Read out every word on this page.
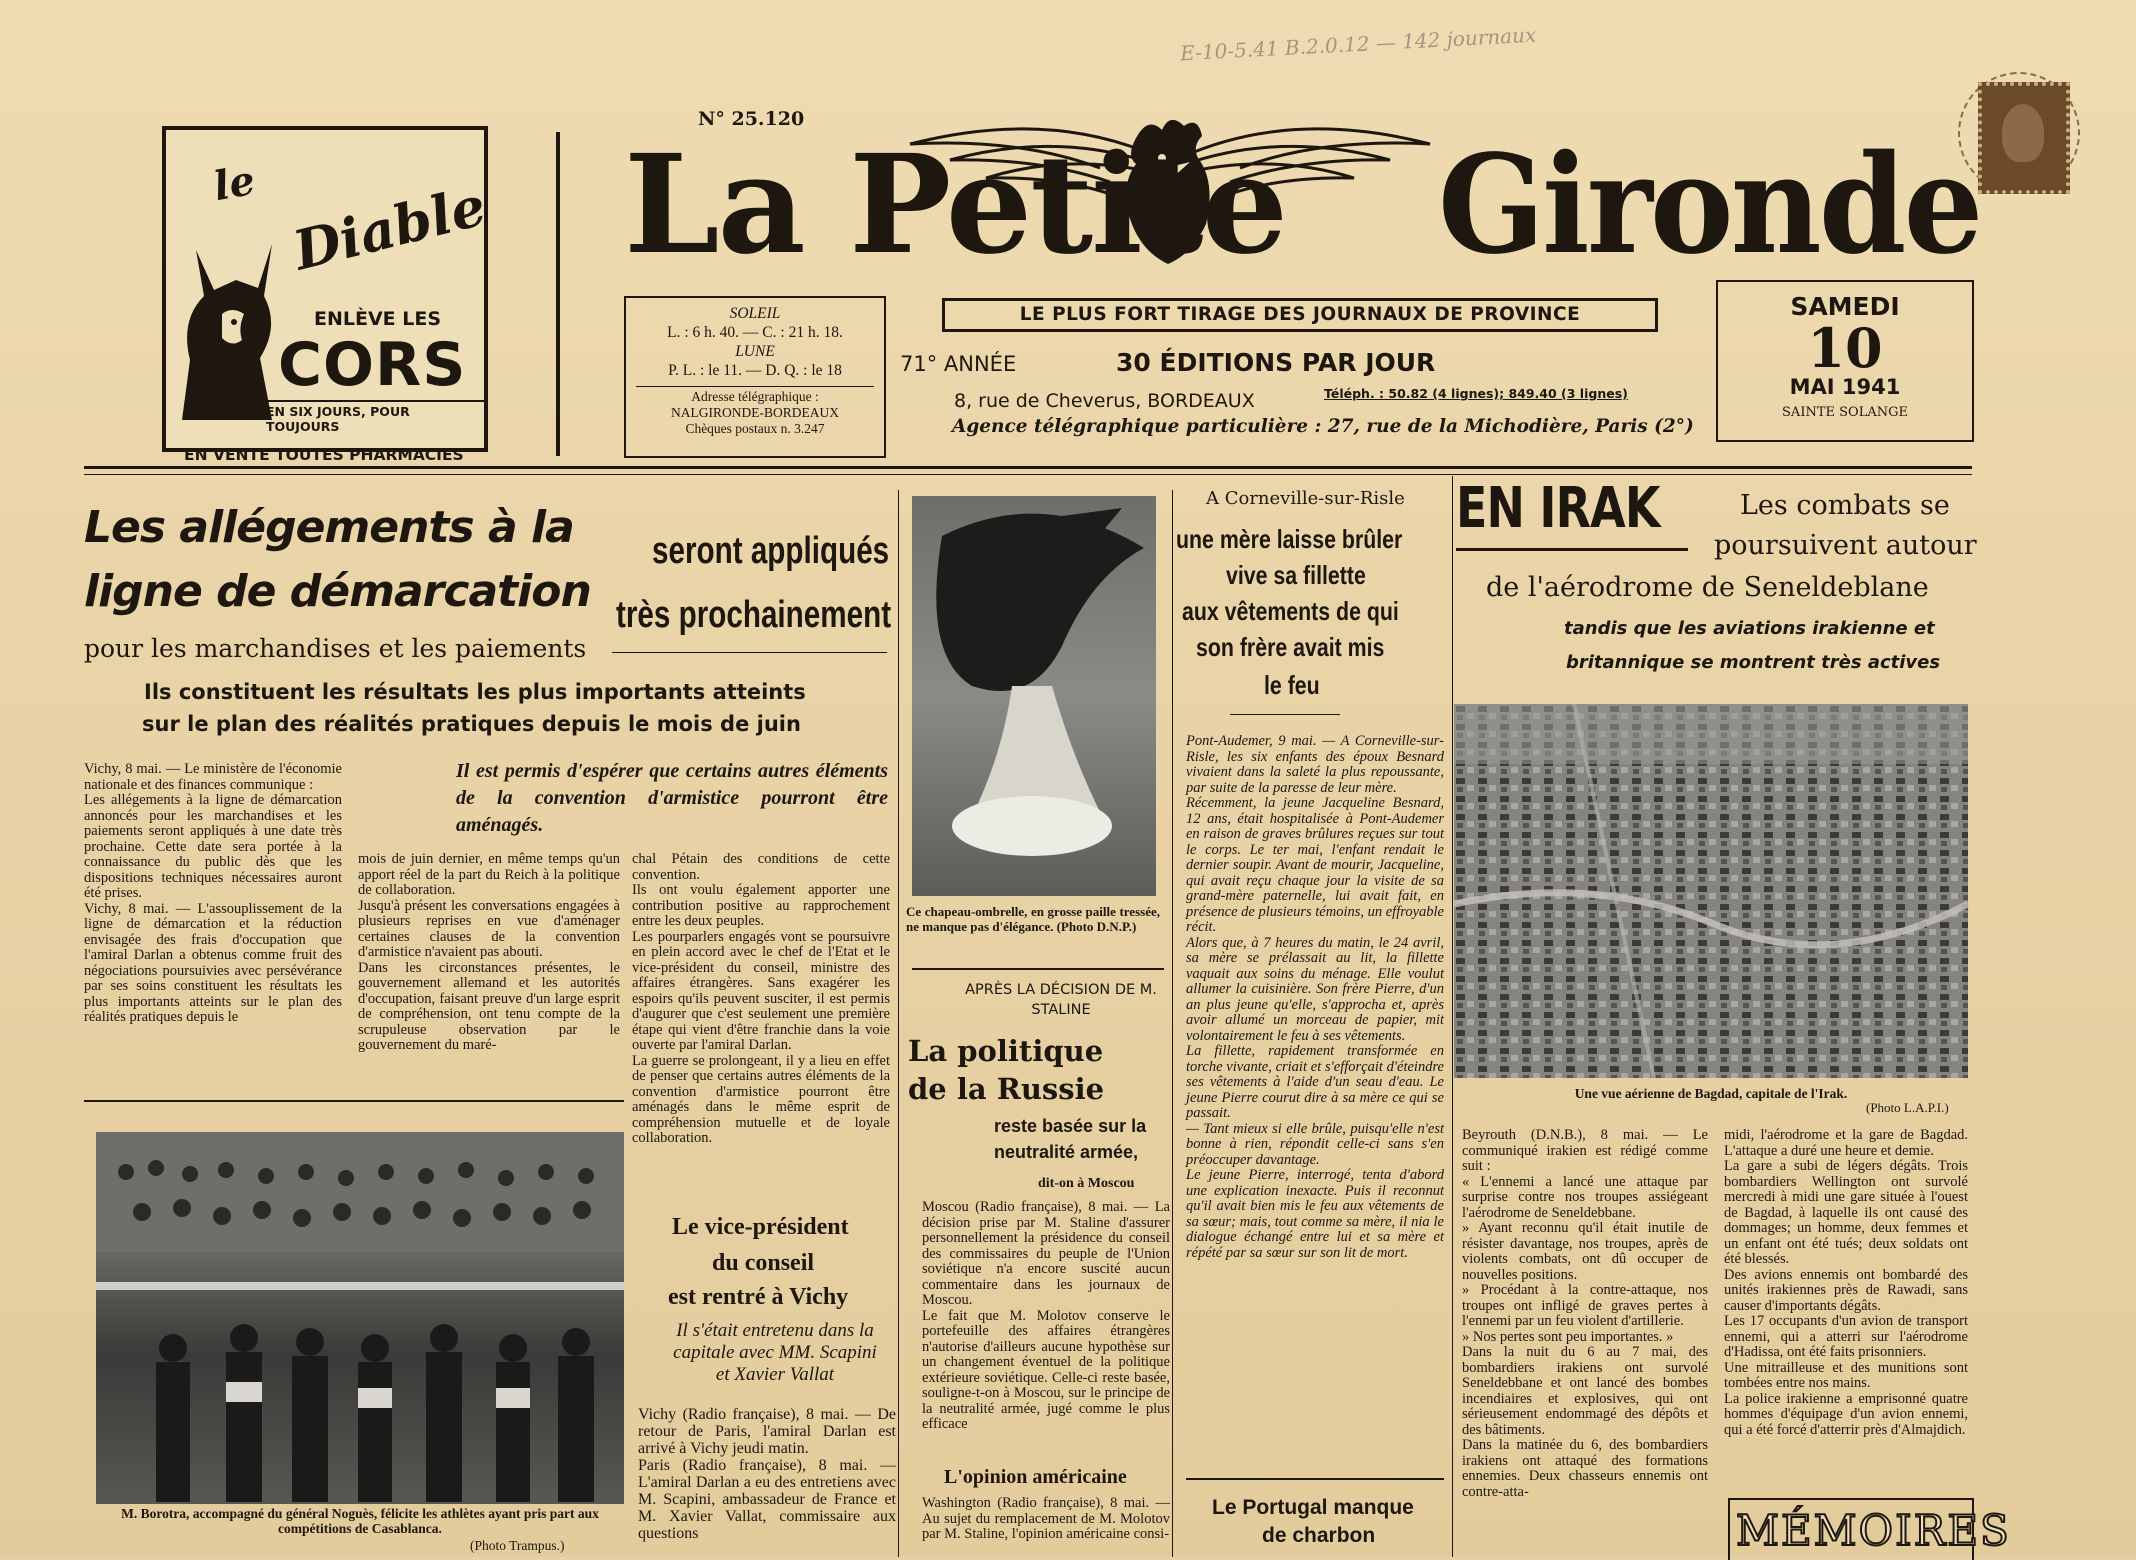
E-10-5.41 B.2.0.12 — 142 journaux
le Diable
ENLÈVE LES
CORS
EN SIX JOURS, POUR TOUJOURS
EN VENTE TOUTES PHARMACIES
N° 25.120
La Petite Gironde
SOLEIL
L. : 6 h. 40. — C. : 21 h. 18.
LUNE
P. L. : le 11. — D. Q. : le 18
Adresse télégraphique :
NALGIRONDE-BORDEAUX
Chèques postaux n. 3.247
LE PLUS FORT TIRAGE DES JOURNAUX DE PROVINCE
71° ANNÉE	30 ÉDITIONS PAR JOUR
8, rue de Cheverus, BORDEAUX	Téléph. : 50.82 (4 lignes); 849.40 (3 lignes)
Agence télégraphique particulière : 27, rue de la Michodière, Paris (2°)
SAMEDI
10
MAI 1941
SAINTE SOLANGE
Les allégements à la
ligne de démarcation
seront appliqués
très prochainement
pour les marchandises et les paiements
Ils constituent les résultats les plus importants atteints
sur le plan des réalités pratiques depuis le mois de juin
Vichy, 8 mai. — Le ministère de l'économie nationale et des finances communique :
Les allégements à la ligne de démarcation annoncés pour les marchandises et les paiements seront appliqués à une date très prochaine. Cette date sera portée à la connaissance du public dès que les dispositions techniques nécessaires auront été prises.
Vichy, 8 mai. — L'assouplissement de la ligne de démarcation et la réduction envisagée des frais d'occupation que l'amiral Darlan a obtenus comme fruit des négociations poursuivies avec persévérance par ses soins constituent les résultats les plus importants atteints sur le plan des réalités pratiques depuis le
Il est permis d'espérer que certains autres éléments de la convention d'armistice pourront être aménagés.
mois de juin dernier, en même temps qu'un apport réel de la part du Reich à la politique de collaboration.
Jusqu'à présent les conversations engagées à plusieurs reprises en vue d'aménager certaines clauses de la convention d'armistice n'avaient pas abouti.
Dans les circonstances présentes, le gouvernement allemand et les autorités d'occupation, faisant preuve d'un large esprit de compréhension, ont tenu compte de la scrupuleuse observation par le gouvernement du maré-
chal Pétain des conditions de cette convention.
Ils ont voulu également apporter une contribution positive au rapprochement entre les deux peuples.
Les pourparlers engagés vont se poursuivre en plein accord avec le chef de l'Etat et le vice-président du conseil, ministre des affaires étrangères. Sans exagérer les espoirs qu'ils peuvent susciter, il est permis d'augurer que c'est seulement une première étape qui vient d'être franchie dans la voie ouverte par l'amiral Darlan.
La guerre se prolongeant, il y a lieu en effet de penser que certains autres éléments de la convention d'armistice pourront être aménagés dans le même esprit de compréhension mutuelle et de loyale collaboration.
M. Borotra, accompagné du général Noguès, félicite les athlètes ayant pris part aux compétitions de Casablanca.
(Photo Trampus.)
Le vice-président
du conseil
est rentré à Vichy
Il s'était entretenu dans la capitale avec MM. Scapini et Xavier Vallat
Vichy (Radio française), 8 mai. — De retour de Paris, l'amiral Darlan est arrivé à Vichy jeudi matin.
Paris (Radio française), 8 mai. — L'amiral Darlan a eu des entretiens avec M. Scapini, ambassadeur de France et M. Xavier Vallat, commissaire aux questions
Ce chapeau-ombrelle, en grosse paille tressée, ne manque pas d'élégance. (Photo D.N.P.)
APRÈS LA DÉCISION DE M. STALINE
La politique
de la Russie
reste basée sur la
neutralité armée,
dit-on à Moscou
Moscou (Radio française), 8 mai. — La décision prise par M. Staline d'assurer personnellement la présidence du conseil des commissaires du peuple de l'Union soviétique n'a encore suscité aucun commentaire dans les journaux de Moscou.
Le fait que M. Molotov conserve le portefeuille des affaires étrangères n'autorise d'ailleurs aucune hypothèse sur un changement éventuel de la politique extérieure soviétique. Celle-ci reste basée, souligne-t-on à Moscou, sur le principe de la neutralité armée, jugé comme le plus efficace
L'opinion américaine
Washington (Radio française), 8 mai. — Au sujet du remplacement de M. Molotov par M. Staline, l'opinion américaine consi-
A Corneville-sur-Risle
une mère laisse brûler
vive sa fillette
aux vêtements de qui
son frère avait mis
le feu
Pont-Audemer, 9 mai. — A Corneville-sur-Risle, les six enfants des époux Besnard vivaient dans la saleté la plus repoussante, par suite de la paresse de leur mère.
Récemment, la jeune Jacqueline Besnard, 12 ans, était hospitalisée à Pont-Audemer en raison de graves brûlures reçues sur tout le corps. Le ter mai, l'enfant rendait le dernier soupir. Avant de mourir, Jacqueline, qui avait reçu chaque jour la visite de sa grand-mère paternelle, lui avait fait, en présence de plusieurs témoins, un effroyable récit.
Alors que, à 7 heures du matin, le 24 avril, sa mère se prélassait au lit, la fillette vaquait aux soins du ménage. Elle voulut allumer la cuisinière. Son frère Pierre, d'un an plus jeune qu'elle, s'approcha et, après avoir allumé un morceau de papier, mit volontairement le feu à ses vêtements.
La fillette, rapidement transformée en torche vivante, criait et s'efforçait d'éteindre ses vêtements à l'aide d'un seau d'eau. Le jeune Pierre courut dire à sa mère ce qui se passait.
— Tant mieux si elle brûle, puisqu'elle n'est bonne à rien, répondit celle-ci sans s'en préoccuper davantage.
Le jeune Pierre, interrogé, tenta d'abord une explication inexacte. Puis il reconnut qu'il avait bien mis le feu aux vêtements de sa sœur; mais, tout comme sa mère, il nia le dialogue échangé entre lui et sa mère et répété par sa sœur sur son lit de mort.
Le Portugal manque
de charbon
EN IRAK	Les combats se
poursuivent autour
de l'aérodrome de Seneldeblane
tandis que les aviations irakienne et
britannique se montrent très actives
Une vue aérienne de Bagdad, capitale de l'Irak.
(Photo L.A.P.I.)
Beyrouth (D.N.B.), 8 mai. — Le communiqué irakien est rédigé comme suit :
« L'ennemi a lancé une attaque par surprise contre nos troupes assiégeant l'aérodrome de Seneldebbane.
» Ayant reconnu qu'il était inutile de résister davantage, nos troupes, après de violents combats, ont dû occuper de nouvelles positions.
» Procédant à la contre-attaque, nos troupes ont infligé de graves pertes à l'ennemi par un feu violent d'artillerie.
» Nos pertes sont peu importantes. »
Dans la nuit du 6 au 7 mai, des bombardiers irakiens ont survolé Seneldebbane et ont lancé des bombes incendiaires et explosives, qui ont sérieusement endommagé des dépôts et des bâtiments.
Dans la matinée du 6, des bombardiers irakiens ont attaqué des formations ennemies. Deux chasseurs ennemis ont contre-atta-
midi, l'aérodrome et la gare de Bagdad. L'attaque a duré une heure et demie.
La gare a subi de légers dégâts. Trois bombardiers Wellington ont survolé mercredi à midi une gare située à l'ouest de Bagdad, à laquelle ils ont causé des dommages; un homme, deux femmes et un enfant ont été tués; deux soldats ont été blessés.
Des avions ennemis ont bombardé des unités irakiennes près de Rawadi, sans causer d'importants dégâts.
Les 17 occupants d'un avion de transport ennemi, qui a atterri sur l'aérodrome d'Hadissa, ont été faits prisonniers.
Une mitrailleuse et des munitions sont tombées entre nos mains.
La police irakienne a emprisonné quatre hommes d'équipage d'un avion ennemi, qui a été forcé d'atterrir près d'Almajdich.
MÉMOIRES
